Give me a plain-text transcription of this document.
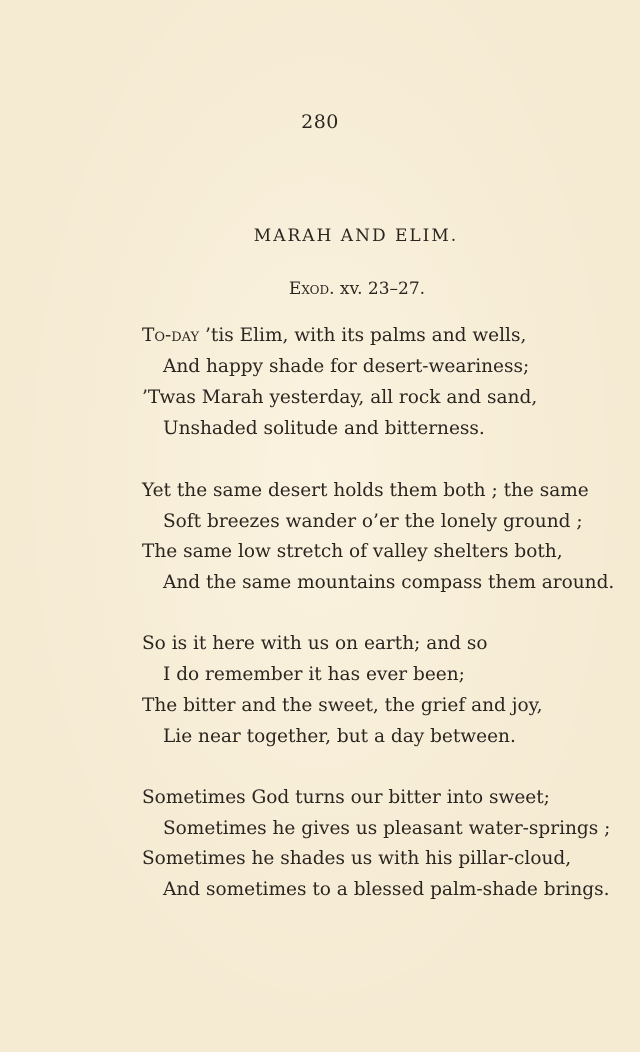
280
MARAH AND ELIM.
Exod. xv. 23–27.
To-day ’tis Elim, with its palms and wells,
And happy shade for desert-weariness;
’Twas Marah yesterday, all rock and sand,
Unshaded solitude and bitterness.
Yet the same desert holds them both ; the same
Soft breezes wander o’er the lonely ground ;
The same low stretch of valley shelters both,
And the same mountains compass them around.
So is it here with us on earth; and so
I do remember it has ever been;
The bitter and the sweet, the grief and joy,
Lie near together, but a day between.
Sometimes God turns our bitter into sweet;
Sometimes he gives us pleasant water-springs ;
Sometimes he shades us with his pillar-cloud,
And sometimes to a blessed palm-shade brings.
